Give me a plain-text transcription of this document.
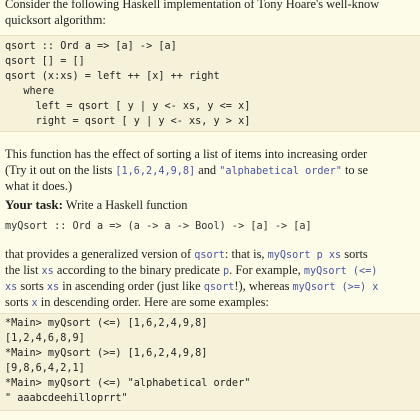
Consider the following Haskell implementation of Tony Hoare's well-know
quicksort algorithm:
qsort :: Ord a => [a] -> [a]
qsort [] = []
qsort (x:xs) = left ++ [x] ++ right
where
left = qsort [ y | y <- xs, y <= x]
right = qsort [ y | y <- xs, y > x]
This function has the effect of sorting a list of items into increasing order
(Try it out on the lists [1,6,2,4,9,8] and "alphabetical order" to se
what it does.)
Your task: Write a Haskell function
myQsort :: Ord a => (a -> a -> Bool) -> [a] -> [a]
that provides a generalized version of qsort: that is, myQsort p xs sorts
the list xs according to the binary predicate p. For example, myQsort (<=)
xs sorts xs in ascending order (just like qsort!), whereas myQsort (>=) x
sorts x in descending order. Here are some examples:
*Main> myQsort (<=) [1,6,2,4,9,8]
[1,2,4,6,8,9]
*Main> myQsort (>=) [1,6,2,4,9,8]
[9,8,6,4,2,1]
*Main> myQsort (<=) "alphabetical order"
" aaabcdeehilloprrt"
